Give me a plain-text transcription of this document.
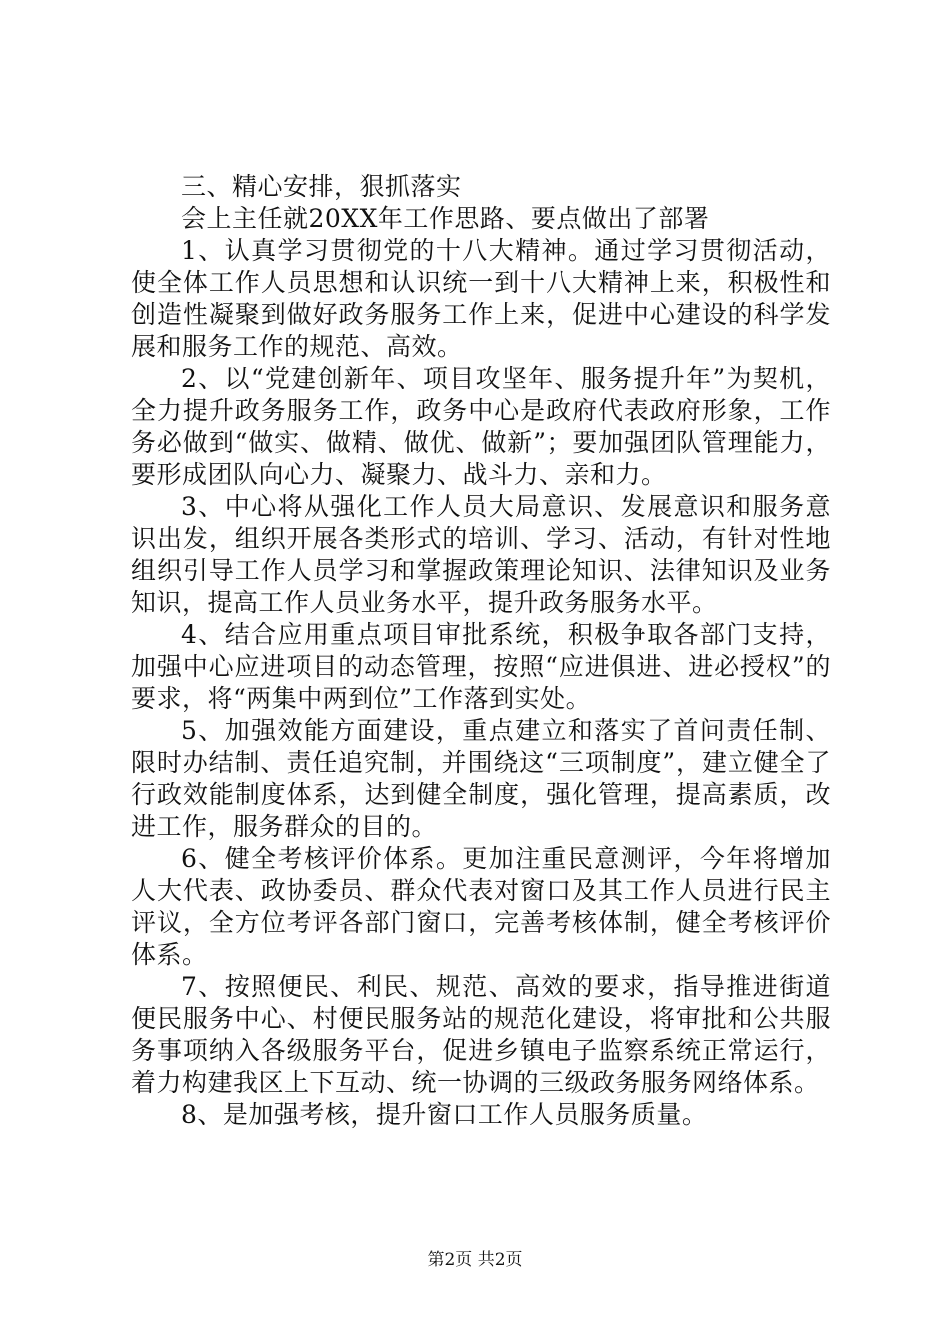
三、精心安排，狠抓落实

会上主任就20XX年工作思路、要点做出了部署

1、认真学习贯彻党的十八大精神。通过学习贯彻活动，使全体工作人员思想和认识统一到十八大精神上来，积极性和创造性凝聚到做好政务服务工作上来，促进中心建设的科学发展和服务工作的规范、高效。

2、以“党建创新年、项目攻坚年、服务提升年”为契机，全力提升政务服务工作，政务中心是政府代表政府形象，工作务必做到“做实、做精、做优、做新”；要加强团队管理能力，要形成团队向心力、凝聚力、战斗力、亲和力。

3、中心将从强化工作人员大局意识、发展意识和服务意识出发，组织开展各类形式的培训、学习、活动，有针对性地组织引导工作人员学习和掌握政策理论知识、法律知识及业务知识，提高工作人员业务水平，提升政务服务水平。

4、结合应用重点项目审批系统，积极争取各部门支持，加强中心应进项目的动态管理，按照“应进俱进、进必授权”的要求，将“两集中两到位”工作落到实处。

5、加强效能方面建设，重点建立和落实了首问责任制、限时办结制、责任追究制，并围绕这“三项制度”，建立健全了行政效能制度体系，达到健全制度，强化管理，提高素质，改进工作，服务群众的目的。

6、健全考核评价体系。更加注重民意测评，今年将增加人大代表、政协委员、群众代表对窗口及其工作人员进行民主评议，全方位考评各部门窗口，完善考核体制，健全考核评价体系。

7、按照便民、利民、规范、高效的要求，指导推进街道便民服务中心、村便民服务站的规范化建设，将审批和公共服务事项纳入各级服务平台，促进乡镇电子监察系统正常运行，着力构建我区上下互动、统一协调的三级政务服务网络体系。

8、是加强考核，提升窗口工作人员服务质量。

第2页 共2页
